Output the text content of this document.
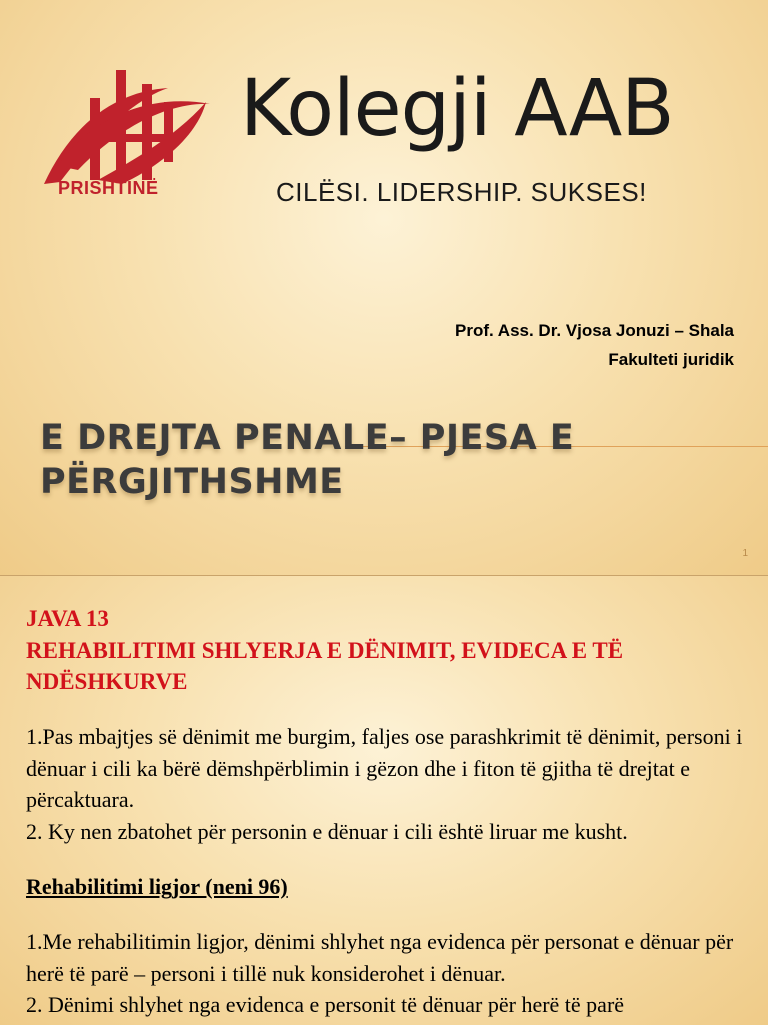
PRISHTINË
Kolegji AAB
CILËSI. LIDERSHIP. SUKSES!
Prof. Ass. Dr. Vjosa Jonuzi – Shala
Fakulteti juridik
E DREJTA PENALE– PJESA E
PËRGJITHSHME
1

JAVA 13

REHABILITIMI SHLYERJA E DËNIMIT, EVIDECA E TË NDËSHKURVE

1.Pas mbajtjes së dënimit me burgim, faljes ose parashkrimit të dënimit, personi i dënuar i cili ka bërë dëmshpërblimin i gëzon dhe i fiton të gjitha të drejtat e përcaktuara.

2. Ky nen zbatohet për personin e dënuar i cili është liruar me kusht.

Rehabilitimi ligjor (neni 96)

1.Me rehabilitimin ligjor, dënimi shlyhet nga evidenca për personat e dënuar për herë të parë – personi i tillë nuk konsiderohet i dënuar.

2. Dënimi shlyhet nga evidenca e personit të dënuar për herë të parë
